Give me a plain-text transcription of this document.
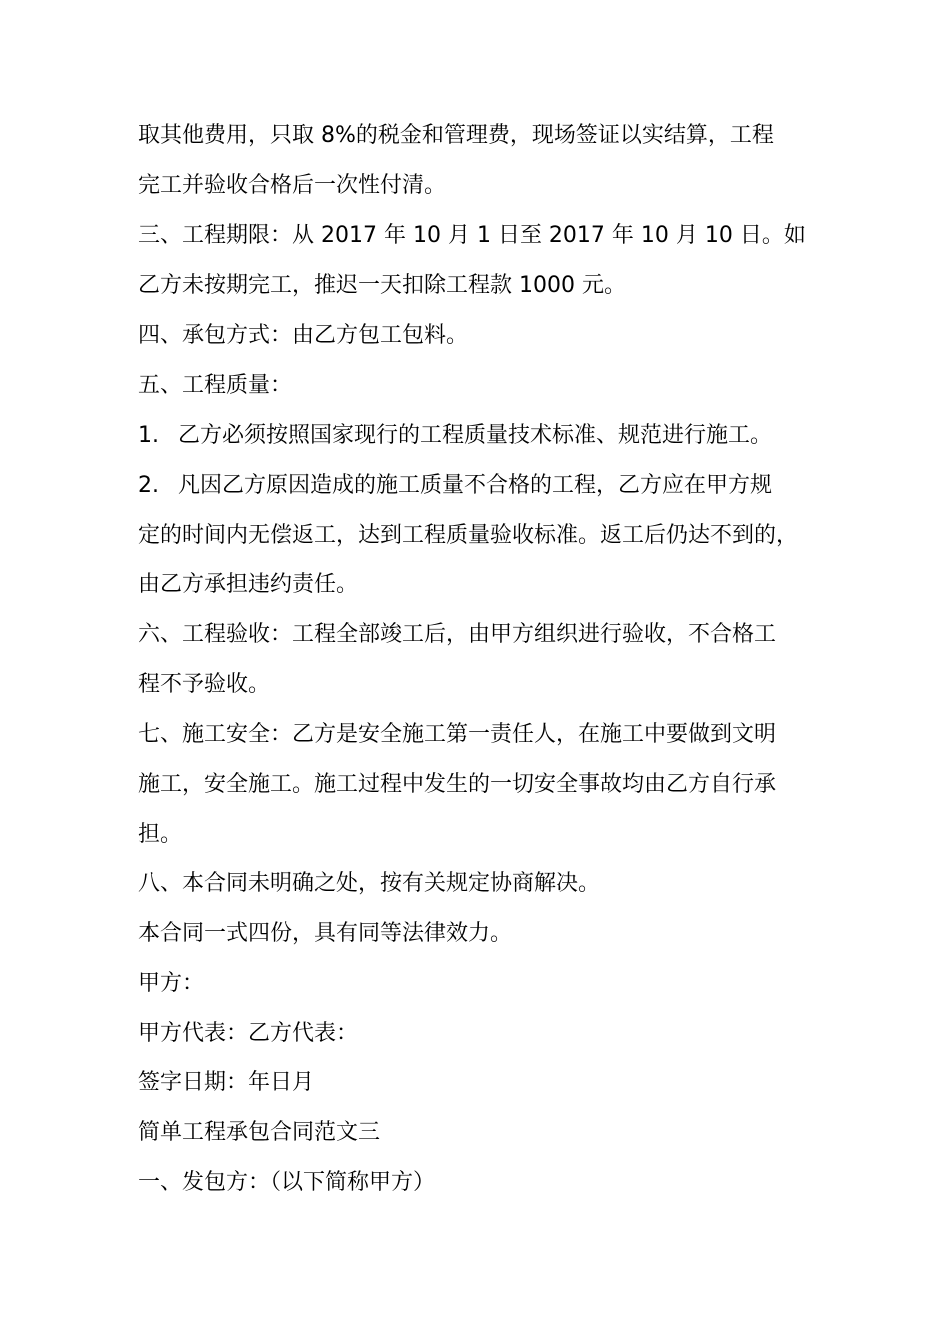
取其他费用，只取 8%的税金和管理费，现场签证以实结算，工程
完工并验收合格后一次性付清。
三、工程期限：从 2017 年 10 月 1 日至 2017 年 10 月 10 日。如
乙方未按期完工，推迟一天扣除工程款 1000 元。
四、承包方式：由乙方包工包料。
五、工程质量：
1. 乙方必须按照国家现行的工程质量技术标准、规范进行施工。
2. 凡因乙方原因造成的施工质量不合格的工程，乙方应在甲方规
定的时间内无偿返工，达到工程质量验收标准。返工后仍达不到的，
由乙方承担违约责任。
六、工程验收：工程全部竣工后，由甲方组织进行验收，不合格工
程不予验收。
七、施工安全：乙方是安全施工第一责任人，在施工中要做到文明
施工，安全施工。施工过程中发生的一切安全事故均由乙方自行承
担。
八、本合同未明确之处，按有关规定协商解决。
本合同一式四份，具有同等法律效力。
甲方：
甲方代表：乙方代表：
签字日期：年日月
简单工程承包合同范文三
一、发包方：（以下简称甲方）
